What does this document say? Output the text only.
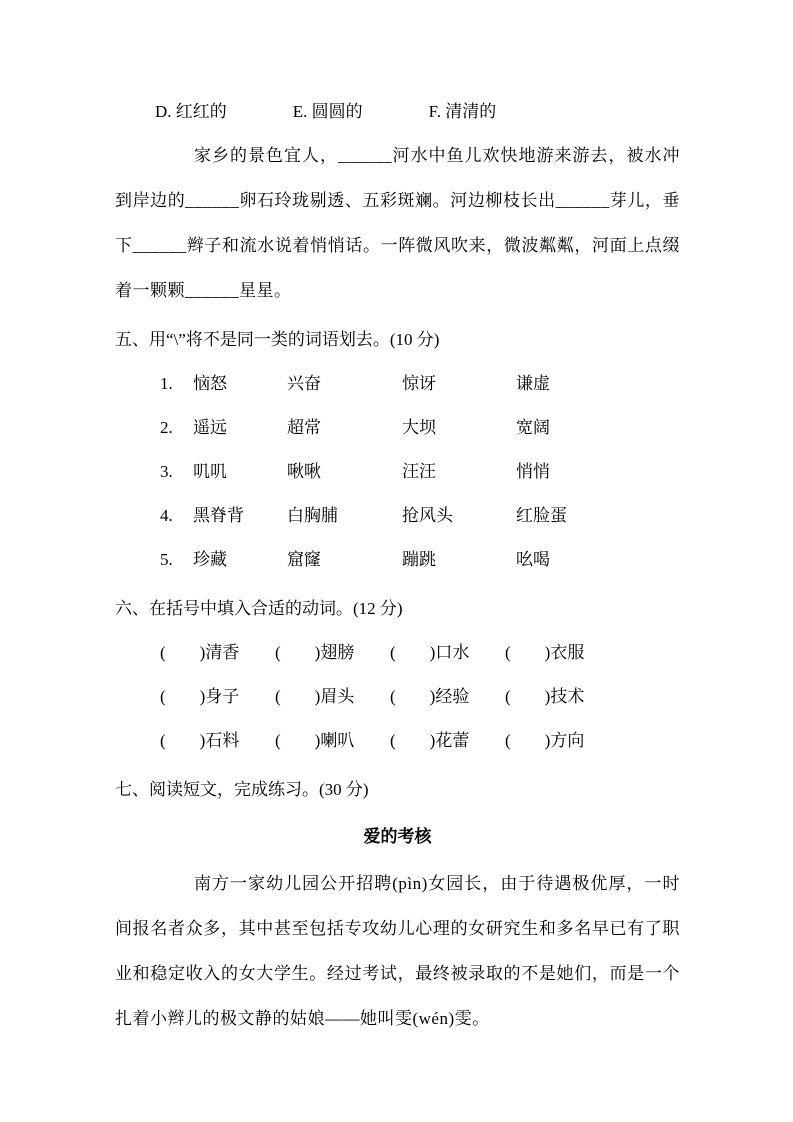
D. 红红的	E. 圆圆的	F. 清清的

家乡的景色宜人，______河水中鱼儿欢快地游来游去，被水冲到岸边的______卵石玲珑剔透、五彩斑斓。河边柳枝长出______芽儿，垂下______辫子和流水说着悄悄话。一阵微风吹来，微波粼粼，河面上点缀着一颗颗______星星。

五、用“\”将不是同一类的词语划去。(10 分)
1.	恼怒	兴奋	惊讶	谦虚
2.	遥远	超常	大坝	宽阔
3.	叽叽	啾啾	汪汪	悄悄
4.	黑脊背	白胸脯	抢风头	红脸蛋
5.	珍藏	窟窿	蹦跳	吆喝
六、在括号中填入合适的动词。(12 分)
(　　)清香	(　　)翅膀	(　　)口水	(　　)衣服
(　　)身子	(　　)眉头	(　　)经验	(　　)技术
(　　)石料	(　　)喇叭	(　　)花蕾	(　　)方向
七、阅读短文，完成练习。(30 分)
爱的考核

南方一家幼儿园公开招聘(pìn)女园长，由于待遇极优厚，一时间报名者众多，其中甚至包括专攻幼儿心理的女研究生和多名早已有了职业和稳定收入的女大学生。经过考试，最终被录取的不是她们，而是一个扎着小辫儿的极文静的姑娘——她叫雯(wén)雯。
